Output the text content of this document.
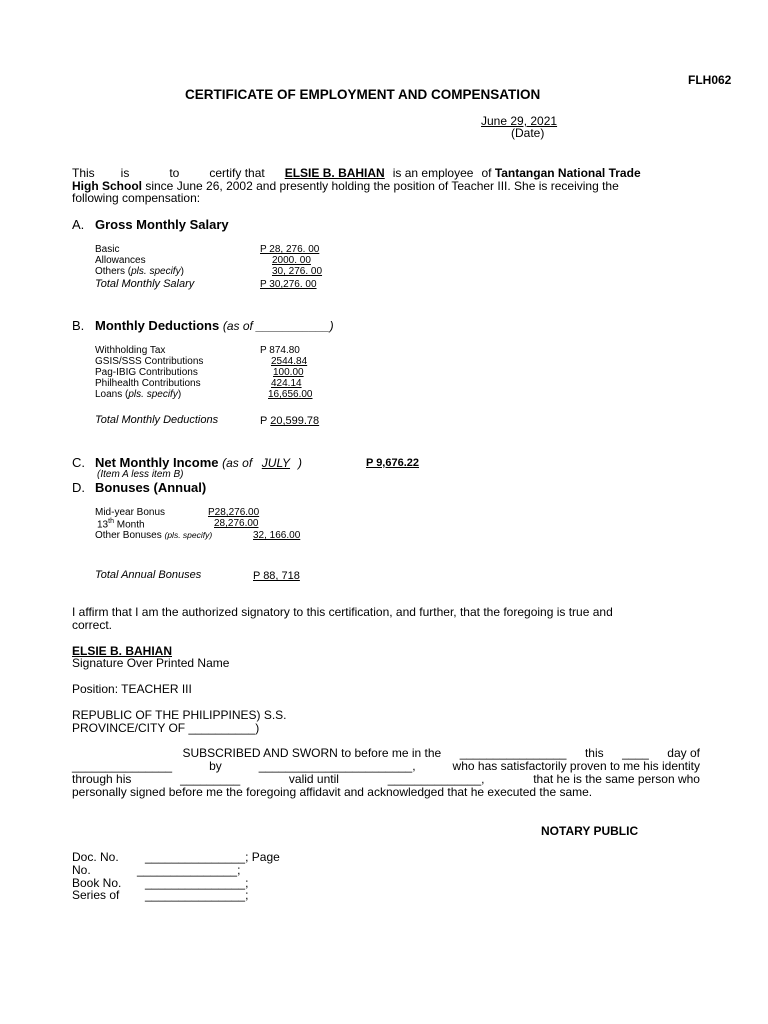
FLH062
CERTIFICATE OF EMPLOYMENT AND COMPENSATION
June 29, 2021
(Date)
This is	to	certify that ELSIE B. BAHIAN is an employee of Tantangan National Trade
High School since June 26, 2002 and presently holding the position of Teacher III. She is receiving the
following compensation:
A. Gross Monthly Salary
Basic	P 28, 276. 00
Allowances	2000. 00
Others (pls. specify)	30, 276. 00
Total Monthly Salary	P 30,276. 00
B. Monthly Deductions (as of ___________)
Withholding Tax	P 874.80
GSIS/SSS Contributions	2544.84
Pag-IBIG Contributions	100.00
Philhealth Contributions	424.14
Loans (pls. specify)	16,656.00
Total Monthly Deductions	P 20,599.78
C. Net Monthly Income (as of JULY )	P 9,676.22
(Item A less item B)
D. Bonuses (Annual)
Mid-year Bonus	P28,276.00
13th Month	28,276.00
Other Bonuses (pls. specify)	32, 166.00
Total Annual Bonuses	P 88, 718
I affirm that I am the authorized signatory to this certification, and further, that the foregoing is true and
correct.
ELSIE B. BAHIAN
Signature Over Printed Name
Position: TEACHER III
REPUBLIC OF THE PHILIPPINES) S.S.
PROVINCE/CITY OF __________)
SUBSCRIBED AND SWORN to before me in the ________________ this ____ day of
_______________	by	_______________________,	who has satisfactorily proven to me his identity
through his	_________	valid until	______________,	that he is the same person who
personally signed before me the foregoing affidavit and acknowledged that he executed the same.
NOTARY PUBLIC
Doc. No. _______________; Page
No.	_______________;
Book No. _______________;
Series of _______________;
